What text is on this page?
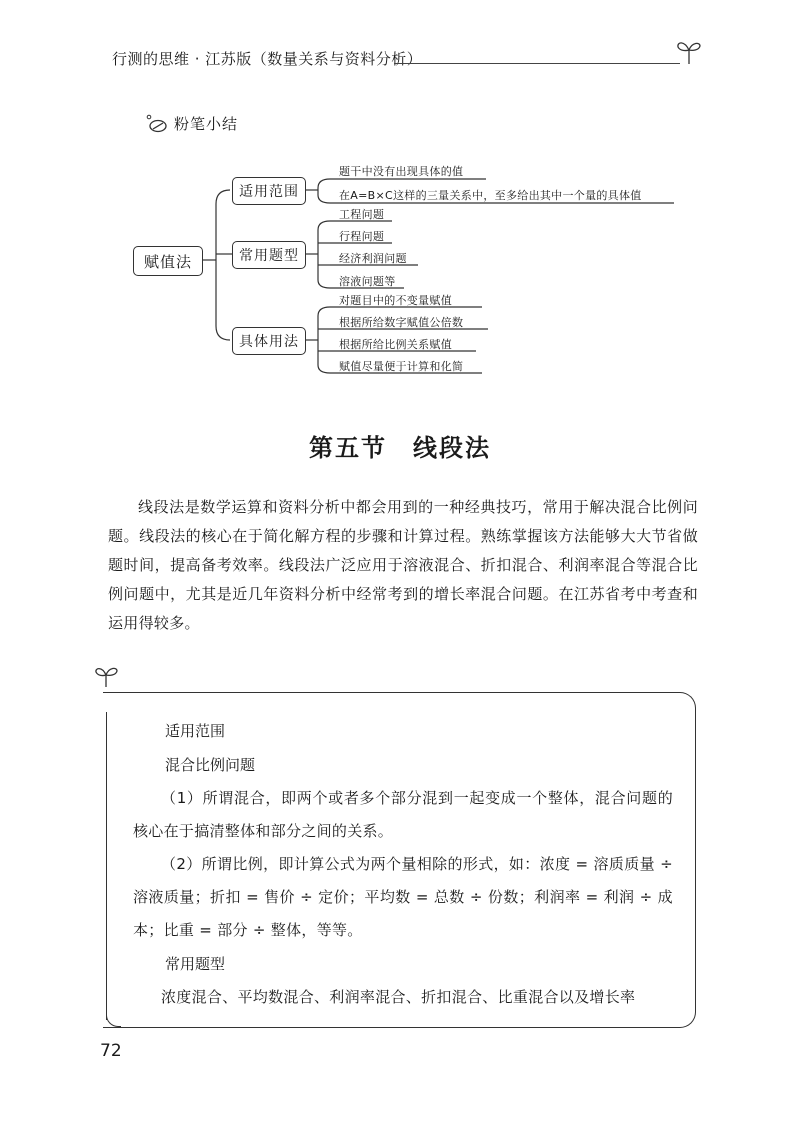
行测的思维 · 江苏版（数量关系与资料分析）
粉笔小结
赋值法
适用范围
常用题型
具体用法
题干中没有出现具体的值
在A=B×C这样的三量关系中，至多给出其中一个量的具体值
工程问题
行程问题
经济利润问题
溶液问题等
对题目中的不变量赋值
根据所给数字赋值公倍数
根据所给比例关系赋值
赋值尽量便于计算和化简
第五节 线段法
线段法是数学运算和资料分析中都会用到的一种经典技巧，常用于解决混合比例问题。线段法的核心在于简化解方程的步骤和计算过程。熟练掌握该方法能够大大节省做题时间，提高备考效率。线段法广泛应用于溶液混合、折扣混合、利润率混合等混合比例问题中，尤其是近几年资料分析中经常考到的增长率混合问题。在江苏省考中考查和运用得较多。
适用范围
混合比例问题

（1）所谓混合，即两个或者多个部分混到一起变成一个整体，混合问题的核心在于搞清整体和部分之间的关系。

（2）所谓比例，即计算公式为两个量相除的形式，如：浓度 = 溶质质量 ÷ 溶液质量；折扣 = 售价 ÷ 定价；平均数 = 总数 ÷ 份数；利润率 = 利润 ÷ 成本；比重 = 部分 ÷ 整体，等等。

常用题型

浓度混合、平均数混合、利润率混合、折扣混合、比重混合以及增长率

72
